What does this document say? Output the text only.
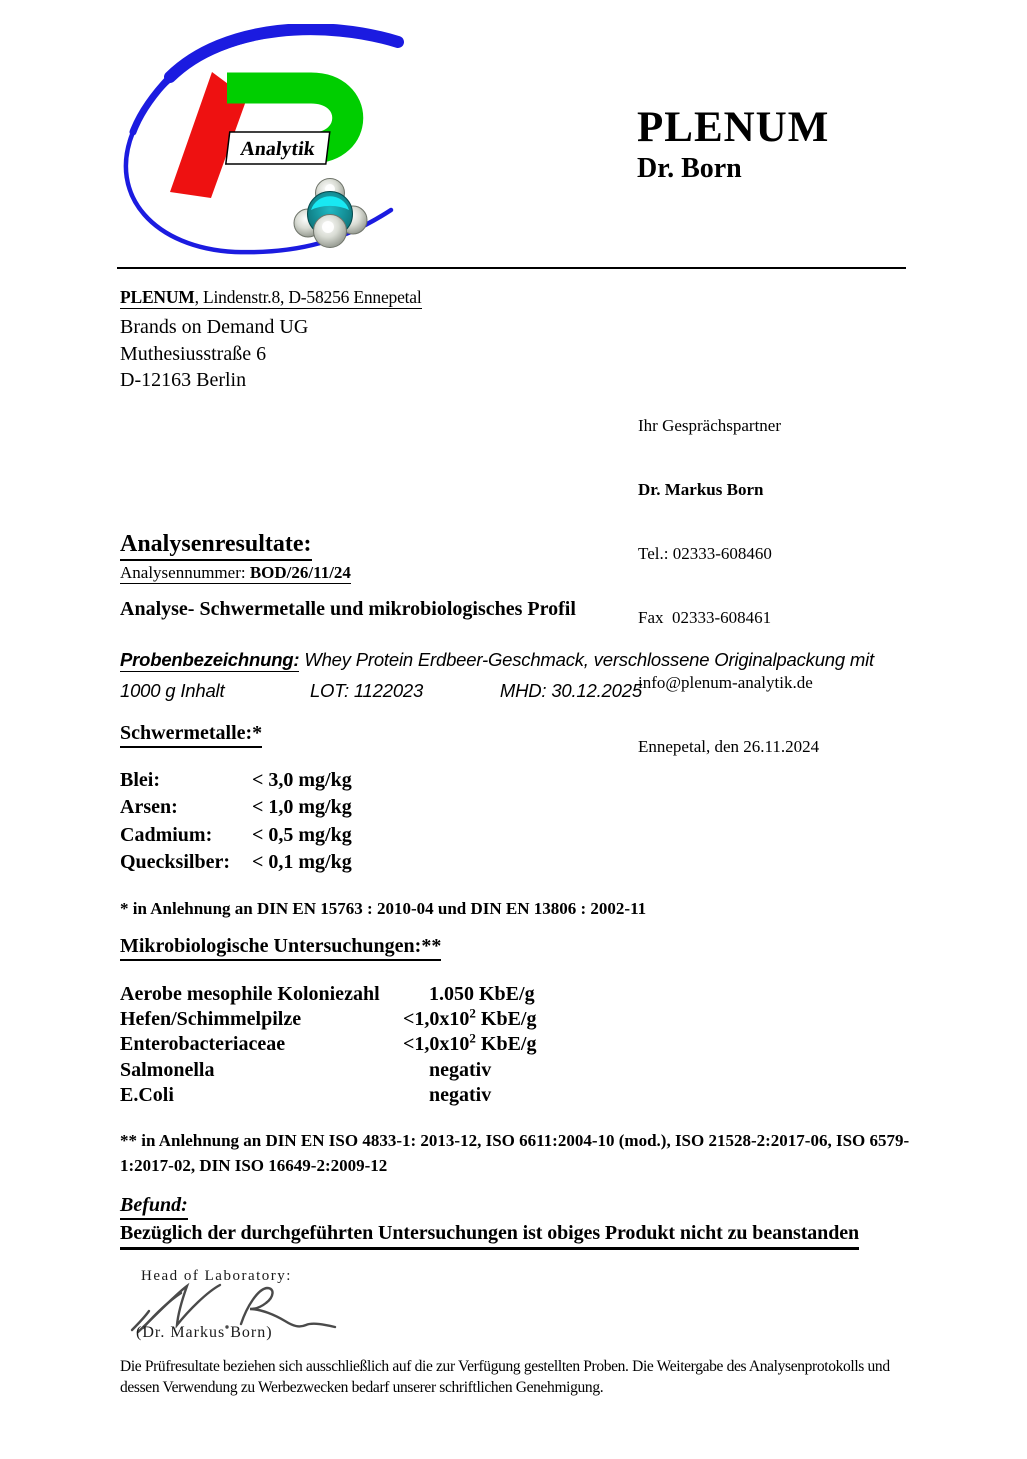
Analytik	PLENUM
Dr. Born
PLENUM, Lindenstr.8, D-58256 Ennepetal
Brands on Demand UG
Muthesiusstraße 6
D-12163 Berlin

Ihr Gesprächspartner

Dr. Markus Born

Tel.: 02333-608460

Fax  02333-608461

info@plenum-analytik.de

Ennepetal, den 26.11.2024

Analysenresultate:
Analysennummer: BOD/26/11/24
Analyse- Schwermetalle und mikrobiologisches Profil
Probenbezeichnung: Whey Protein Erdbeer-Geschmack, verschlossene Originalpackung mit
1000 g Inhalt	LOT: 1122023	MHD: 30.12.2025
Schwermetalle:*
Blei:	< 3,0 mg/kg
Arsen:	< 1,0 mg/kg
Cadmium:	< 0,5 mg/kg
Quecksilber:	< 0,1 mg/kg
* in Anlehnung an DIN EN 15763 : 2010-04 und DIN EN 13806 : 2002-11
Mikrobiologische Untersuchungen:**
Aerobe mesophile Koloniezahl	1.050 KbE/g
Hefen/Schimmelpilze	$<1,0x10^2$ KbE/g
Enterobacteriaceae	$<1,0x10^2$ KbE/g
Salmonella	negativ
E.Coli	negativ
** in Anlehnung an DIN EN ISO 4833-1: 2013-12, ISO 6611:2004-10 (mod.), ISO 21528-2:2017-06, ISO 6579-1:2017-02, DIN ISO 16649-2:2009-12
Befund:
Bezüglich der durchgeführten Untersuchungen ist obiges Produkt nicht zu beanstanden
Head of Laboratory:
(Dr. Markus Born)
Die Prüfresultate beziehen sich ausschließlich auf die zur Verfügung gestellten Proben. Die Weitergabe des Analysenprotokolls und dessen Verwendung zu Werbezwecken bedarf unserer schriftlichen Genehmigung.
